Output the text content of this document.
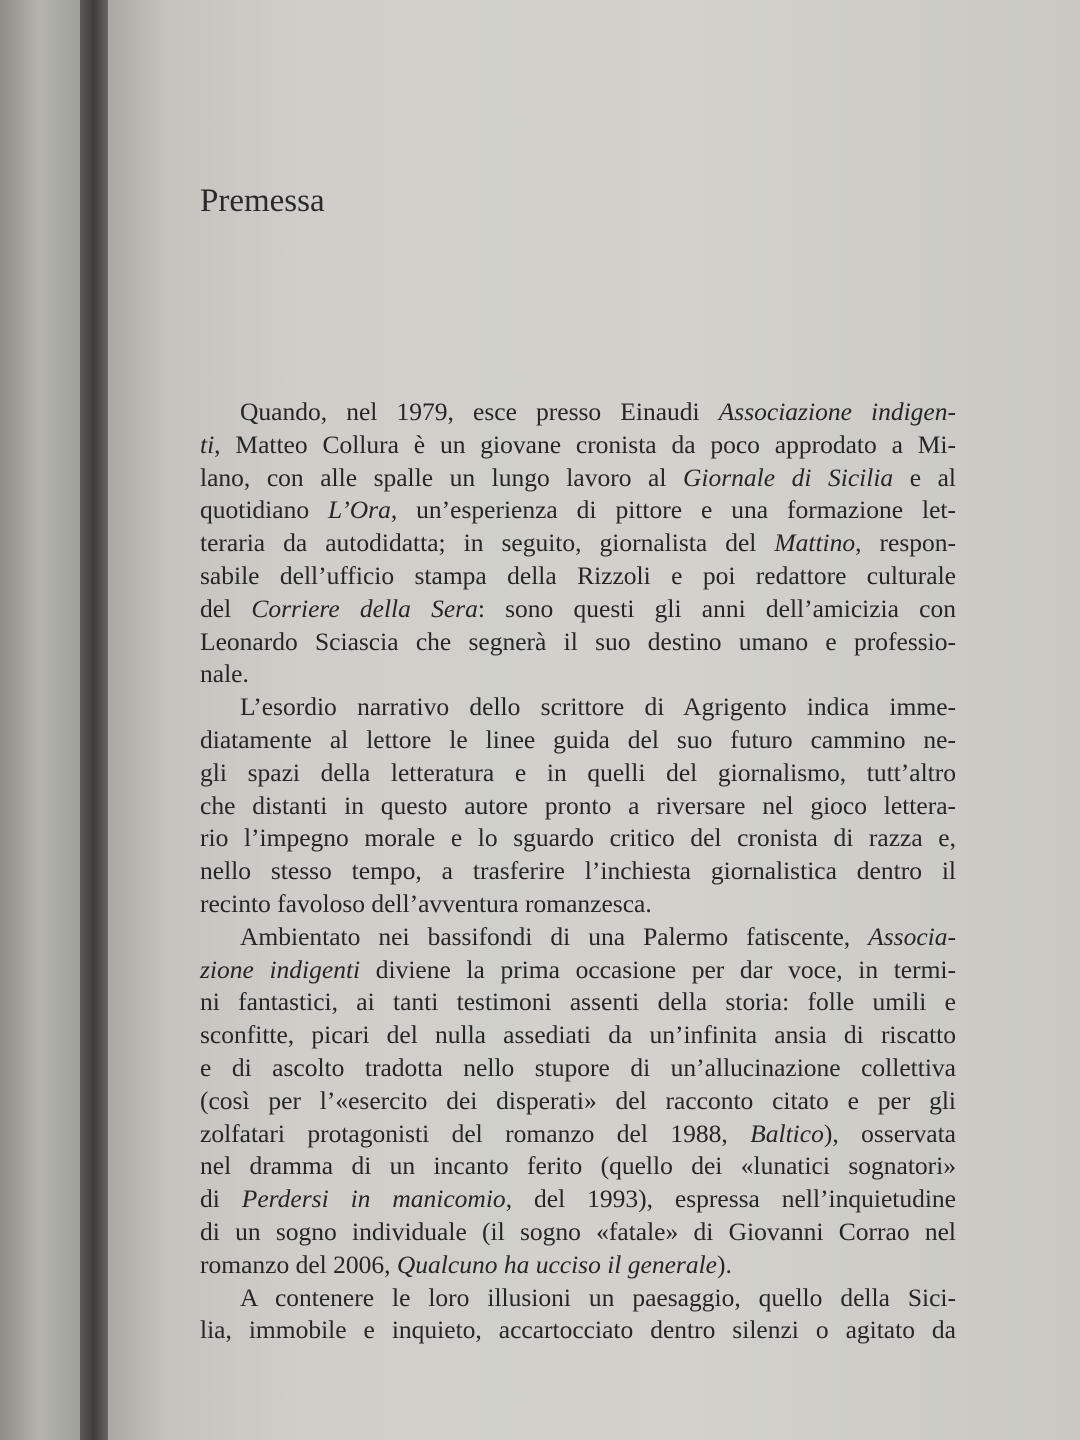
Premessa
Quando, nel 1979, esce presso Einaudi Associazione indigen-
ti, Matteo Collura è un giovane cronista da poco approdato a Mi-
lano, con alle spalle un lungo lavoro al Giornale di Sicilia e al
quotidiano L’Ora, un’esperienza di pittore e una formazione let-
teraria da autodidatta; in seguito, giornalista del Mattino, respon-
sabile dell’ufficio stampa della Rizzoli e poi redattore culturale
del Corriere della Sera: sono questi gli anni dell’amicizia con
Leonardo Sciascia che segnerà il suo destino umano e professio-
nale.
L’esordio narrativo dello scrittore di Agrigento indica imme-
diatamente al lettore le linee guida del suo futuro cammino ne-
gli spazi della letteratura e in quelli del giornalismo, tutt’altro
che distanti in questo autore pronto a riversare nel gioco lettera-
rio l’impegno morale e lo sguardo critico del cronista di razza e,
nello stesso tempo, a trasferire l’inchiesta giornalistica dentro il
recinto favoloso dell’avventura romanzesca.
Ambientato nei bassifondi di una Palermo fatiscente, Associa-
zione indigenti diviene la prima occasione per dar voce, in termi-
ni fantastici, ai tanti testimoni assenti della storia: folle umili e
sconfitte, picari del nulla assediati da un’infinita ansia di riscatto
e di ascolto tradotta nello stupore di un’allucinazione collettiva
(così per l’«esercito dei disperati» del racconto citato e per gli
zolfatari protagonisti del romanzo del 1988, Baltico), osservata
nel dramma di un incanto ferito (quello dei «lunatici sognatori»
di Perdersi in manicomio, del 1993), espressa nell’inquietudine
di un sogno individuale (il sogno «fatale» di Giovanni Corrao nel
romanzo del 2006, Qualcuno ha ucciso il generale).
A contenere le loro illusioni un paesaggio, quello della Sici-
lia, immobile e inquieto, accartocciato dentro silenzi o agitato da
